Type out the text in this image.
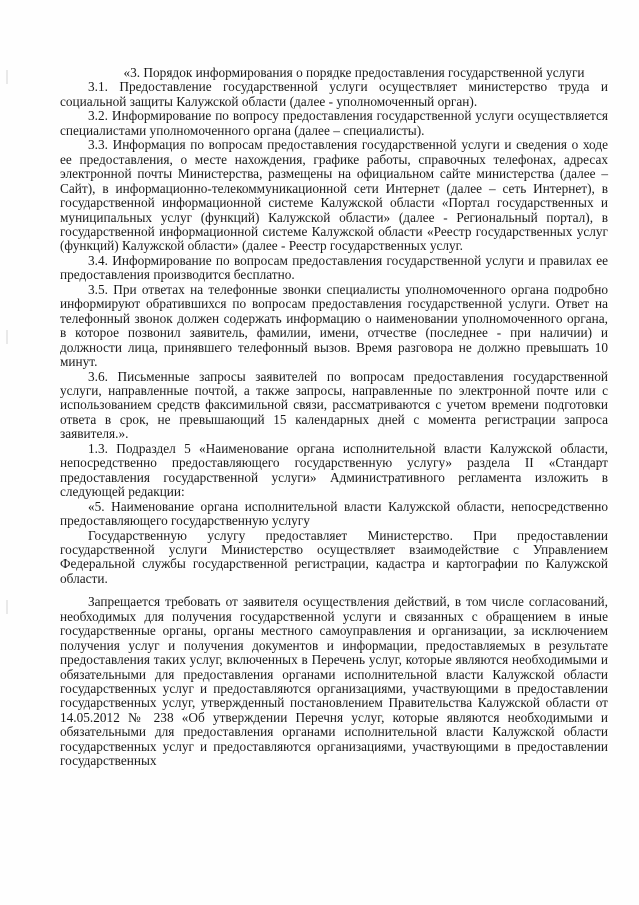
«3. Порядок информирования о порядке предоставления государственной услуги

3.1. Предоставление государственной услуги осуществляет министерство труда и социальной защиты Калужской области (далее - уполномоченный орган).

3.2. Информирование по вопросу предоставления государственной услуги осуществляется специалистами уполномоченного органа (далее – специалисты).

3.3. Информация по вопросам предоставления государственной услуги и сведения о ходе ее предоставления, о месте нахождения, графике работы, справочных телефонах, адресах электронной почты Министерства, размещены на официальном сайте министерства (далее – Сайт), в информационно-телекоммуникационной сети Интернет (далее – сеть Интернет), в государственной информационной системе Калужской области «Портал государственных и муниципальных услуг (функций) Калужской области» (далее - Региональный портал), в государственной информационной системе Калужской области «Реестр государственных услуг (функций) Калужской области» (далее - Реестр государственных услуг.

3.4. Информирование по вопросам предоставления государственной услуги и правилах ее предоставления производится бесплатно.

3.5. При ответах на телефонные звонки специалисты уполномоченного органа подробно информируют обратившихся по вопросам предоставления государственной услуги. Ответ на телефонный звонок должен содержать информацию о наименовании уполномоченного органа, в которое позвонил заявитель, фамилии, имени, отчестве (последнее - при наличии) и должности лица, принявшего телефонный вызов. Время разговора не должно превышать 10 минут.

3.6. Письменные запросы заявителей по вопросам предоставления государственной услуги, направленные почтой, а также запросы, направленные по электронной почте или с использованием средств факсимильной связи, рассматриваются с учетом времени подготовки ответа в срок, не превышающий 15 календарных дней с момента регистрации запроса заявителя.».

1.3. Подраздел 5 «Наименование органа исполнительной власти Калужской области, непосредственно предоставляющего государственную услугу» раздела II «Стандарт предоставления государственной услуги» Административного регламента изложить в следующей редакции:

«5. Наименование органа исполнительной власти Калужской области, непосредственно предоставляющего государственную услугу

Государственную услугу предоставляет Министерство. При предоставлении государственной услуги Министерство осуществляет взаимодействие с Управлением Федеральной службы государственной регистрации, кадастра и картографии по Калужской области.

Запрещается требовать от заявителя осуществления действий, в том числе согласований, необходимых для получения государственной услуги и связанных с обращением в иные государственные органы, органы местного самоуправления и организации, за исключением получения услуг и получения документов и информации, предоставляемых в результате предоставления таких услуг, включенных в Перечень услуг, которые являются необходимыми и обязательными для предоставления органами исполнительной власти Калужской области государственных услуг и предоставляются организациями, участвующими в предоставлении государственных услуг, утвержденный постановлением Правительства Калужской области от 14.05.2012 № 238 «Об утверждении Перечня услуг, которые являются необходимыми и обязательными для предоставления органами исполнительной власти Калужской области государственных услуг и предоставляются организациями, участвующими в предоставлении государственных
